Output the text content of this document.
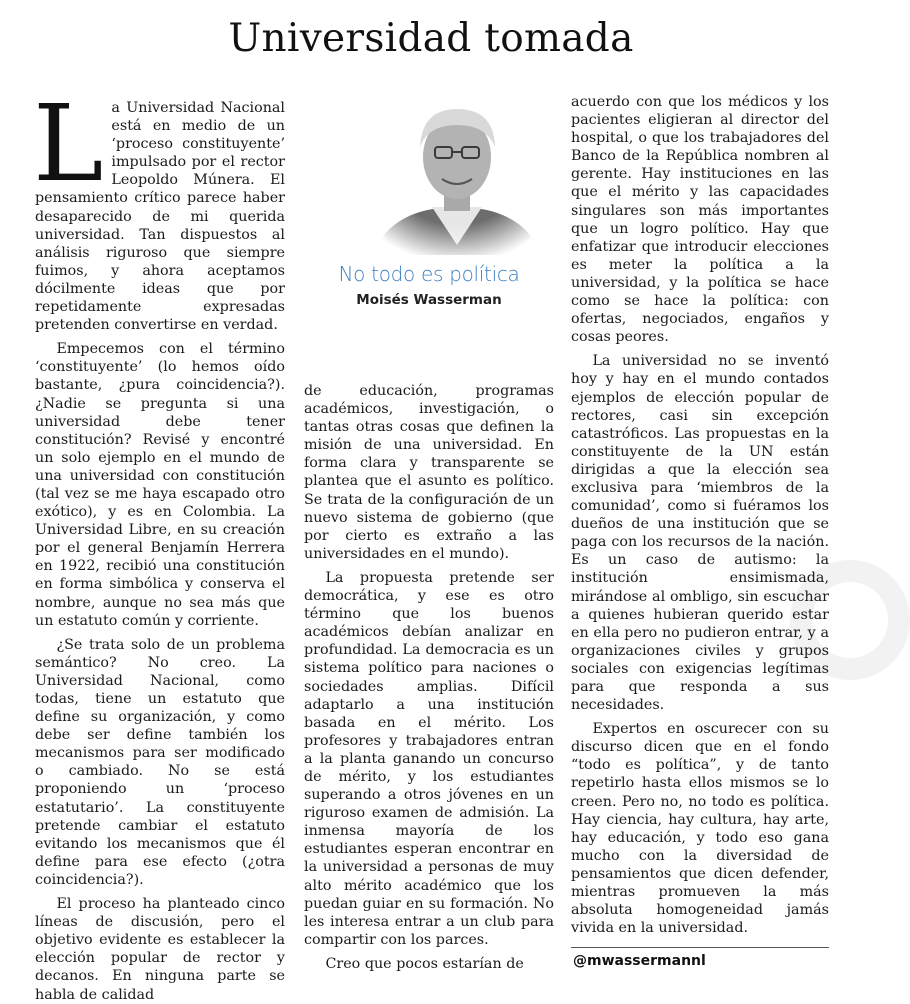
Universidad tomada

L a Universidad Nacional está en medio de un ‘proceso constituyente’ impulsado por el rector Leopoldo Múnera. El pensamiento crítico parece haber desaparecido de mi querida universidad. Tan dispuestos al análisis riguroso que siempre fuimos, y ahora aceptamos dócilmente ideas que por repetidamente expresadas pretenden convertirse en verdad.

Empecemos con el término ‘constituyente’ (lo hemos oído bastante, ¿pura coincidencia?). ¿Nadie se pregunta si una universidad debe tener constitución? Revisé y encontré un solo ejemplo en el mundo de una universidad con constitución (tal vez se me haya escapado otro exótico), y es en Colombia. La Universidad Libre, en su creación por el general Benjamín Herrera en 1922, recibió una constitución en forma simbólica y conserva el nombre, aunque no sea más que un estatuto común y corriente.

¿Se trata solo de un problema semántico? No creo. La Universidad Nacional, como todas, tiene un estatuto que define su organización, y como debe ser define también los mecanismos para ser modificado o cambiado. No se está proponiendo un ‘proceso estatutario’. La constituyente pretende cambiar el estatuto evitando los mecanismos que él define para ese efecto (¿otra coincidencia?).

El proceso ha planteado cinco líneas de discusión, pero el objetivo evidente es establecer la elección popular de rector y decanos. En ninguna parte se habla de calidad

No todo es política
Moisés Wasserman

de educación, programas académicos, investigación, o tantas otras cosas que definen la misión de una universidad. En forma clara y transparente se plantea que el asunto es político. Se trata de la configuración de un nuevo sistema de gobierno (que por cierto es extraño a las universidades en el mundo).

La propuesta pretende ser democrática, y ese es otro término que los buenos académicos debían analizar en profundidad. La democracia es un sistema político para naciones o sociedades amplias. Difícil adaptarlo a una institución basada en el mérito. Los profesores y trabajadores entran a la planta ganando un concurso de mérito, y los estudiantes superando a otros jóvenes en un riguroso examen de admisión. La inmensa mayoría de los estudiantes esperan encontrar en la universidad a personas de muy alto mérito académico que los puedan guiar en su formación. No les interesa entrar a un club para compartir con los parces.

Creo que pocos estarían de

acuerdo con que los médicos y los pacientes eligieran al director del hospital, o que los trabajadores del Banco de la República nombren al gerente. Hay instituciones en las que el mérito y las capacidades singulares son más importantes que un logro político. Hay que enfatizar que introducir elecciones es meter la política a la universidad, y la política se hace como se hace la política: con ofertas, negociados, engaños y cosas peores.

La universidad no se inventó hoy y hay en el mundo contados ejemplos de elección popular de rectores, casi sin excepción catastróficos. Las propuestas en la constituyente de la UN están dirigidas a que la elección sea exclusiva para ‘miembros de la comunidad’, como si fuéramos los dueños de una institución que se paga con los recursos de la nación. Es un caso de autismo: la institución ensimismada, mirándose al ombligo, sin escuchar a quienes hubieran querido estar en ella pero no pudieron entrar, y a organizaciones civiles y grupos sociales con exigencias legítimas para que responda a sus necesidades.

Expertos en oscurecer con su discurso dicen que en el fondo “todo es política”, y de tanto repetirlo hasta ellos mismos se lo creen. Pero no, no todo es política. Hay ciencia, hay cultura, hay arte, hay educación, y todo eso gana mucho con la diversidad de pensamientos que dicen defender, mientras promueven la más absoluta homogeneidad jamás vivida en la universidad.

@mwassermannl
